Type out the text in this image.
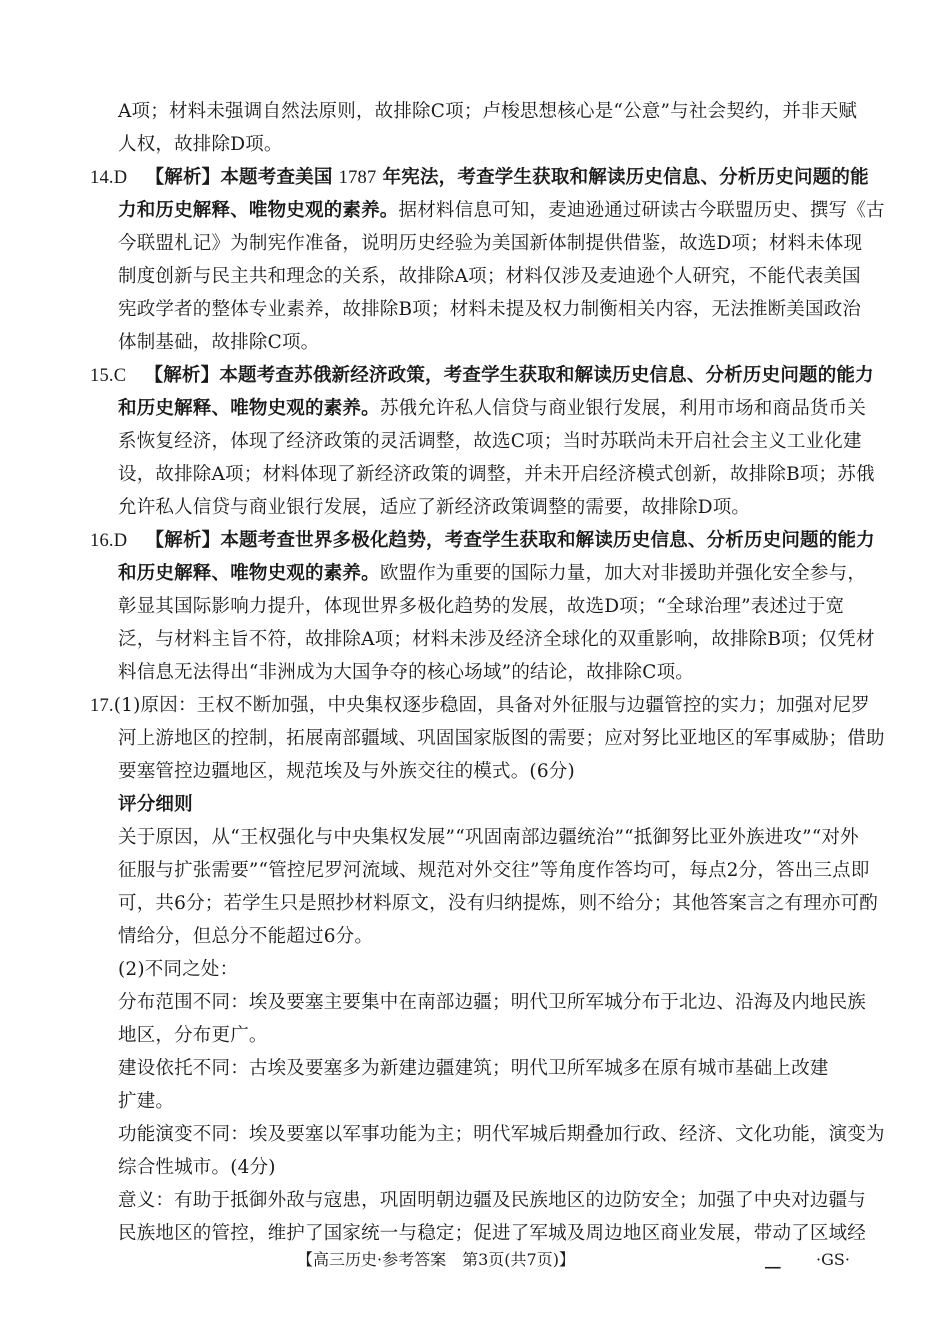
A项；材料未强调自然法原则，故排除C项；卢梭思想核心是“公意”与社会契约，并非天赋
人权，故排除D项。
14.D 【解析】本题考查美国 1787 年宪法，考查学生获取和解读历史信息、分析历史问题的能
力和历史解释、唯物史观的素养。据材料信息可知，麦迪逊通过研读古今联盟历史、撰写《古
今联盟札记》为制宪作准备，说明历史经验为美国新体制提供借鉴，故选D项；材料未体现
制度创新与民主共和理念的关系，故排除A项；材料仅涉及麦迪逊个人研究，不能代表美国
宪政学者的整体专业素养，故排除B项；材料未提及权力制衡相关内容，无法推断美国政治
体制基础，故排除C项。
15.C 【解析】本题考查苏俄新经济政策，考查学生获取和解读历史信息、分析历史问题的能力
和历史解释、唯物史观的素养。苏俄允许私人信贷与商业银行发展，利用市场和商品货币关
系恢复经济，体现了经济政策的灵活调整，故选C项；当时苏联尚未开启社会主义工业化建
设，故排除A项；材料体现了新经济政策的调整，并未开启经济模式创新，故排除B项；苏俄
允许私人信贷与商业银行发展，适应了新经济政策调整的需要，故排除D项。
16.D 【解析】本题考查世界多极化趋势，考查学生获取和解读历史信息、分析历史问题的能力
和历史解释、唯物史观的素养。欧盟作为重要的国际力量，加大对非援助并强化安全参与，
彰显其国际影响力提升，体现世界多极化趋势的发展，故选D项；“全球治理”表述过于宽
泛，与材料主旨不符，故排除A项；材料未涉及经济全球化的双重影响，故排除B项；仅凭材
料信息无法得出“非洲成为大国争夺的核心场域”的结论，故排除C项。
17.(1)原因：王权不断加强，中央集权逐步稳固，具备对外征服与边疆管控的实力；加强对尼罗
河上游地区的控制，拓展南部疆域、巩固国家版图的需要；应对努比亚地区的军事威胁；借助
要塞管控边疆地区，规范埃及与外族交往的模式。(6分)
评分细则
关于原因，从“王权强化与中央集权发展”“巩固南部边疆统治”“抵御努比亚外族进攻”“对外
征服与扩张需要”“管控尼罗河流域、规范对外交往”等角度作答均可，每点2分，答出三点即
可，共6分；若学生只是照抄材料原文，没有归纳提炼，则不给分；其他答案言之有理亦可酌
情给分，但总分不能超过6分。
(2)不同之处：
分布范围不同：埃及要塞主要集中在南部边疆；明代卫所军城分布于北边、沿海及内地民族
地区，分布更广。
建设依托不同：古埃及要塞多为新建边疆建筑；明代卫所军城多在原有城市基础上改建
扩建。
功能演变不同：埃及要塞以军事功能为主；明代军城后期叠加行政、经济、文化功能，演变为
综合性城市。(4分)
意义：有助于抵御外敌与寇患，巩固明朝边疆及民族地区的边防安全；加强了中央对边疆与
民族地区的管控，维护了国家统一与稳定；促进了军城及周边地区商业发展，带动了区域经
【高三历史·参考答案　第3页(共7页)】	▁▁ ·GS·
